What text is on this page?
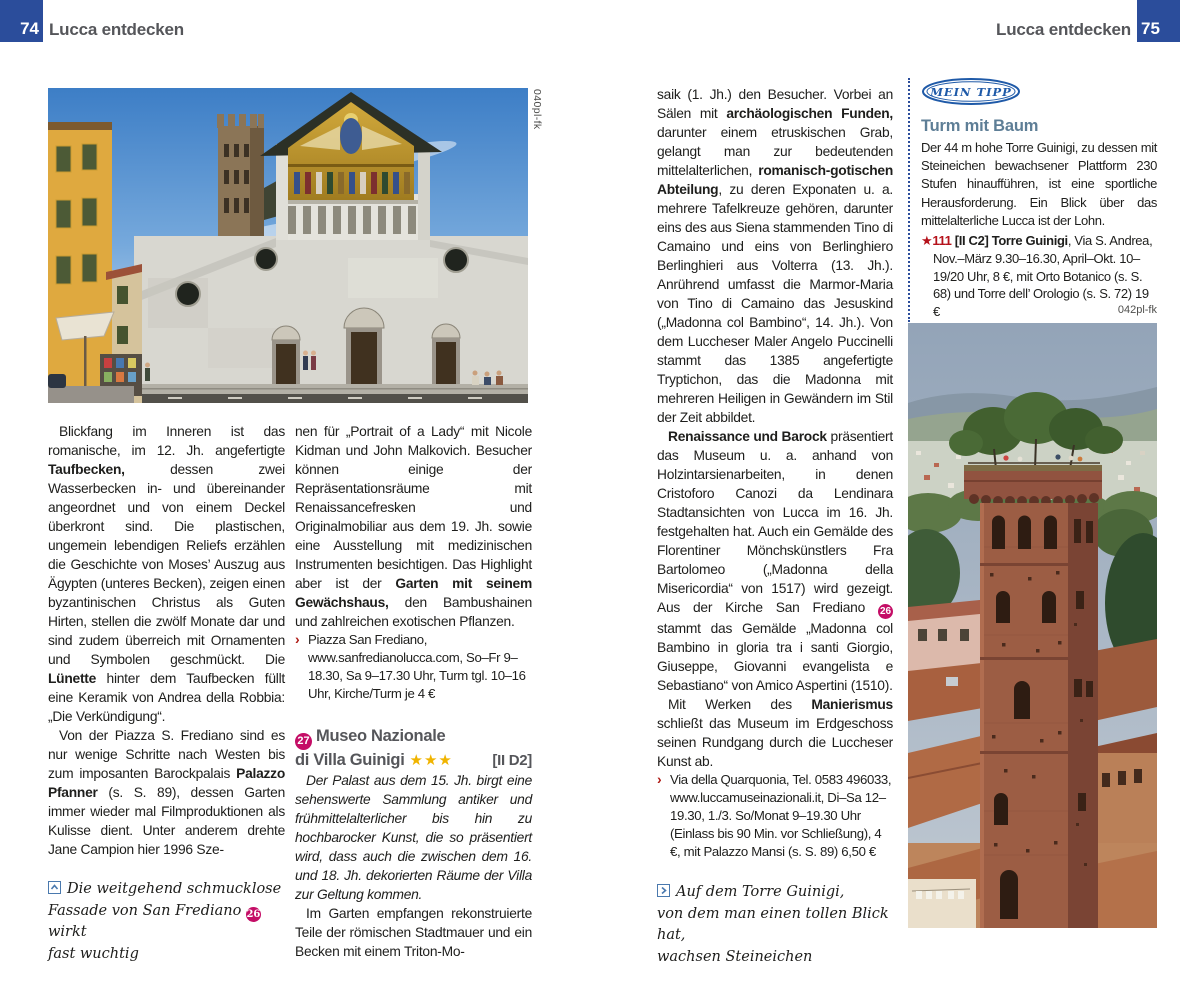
74 Lucca entdecken	Lucca entdecken 75
040pl-fk

Blickfang im Inneren ist das romanische, im 12. Jh. angefertigte Taufbecken, dessen zwei Wasserbecken in- und übereinander angeordnet und von einem Deckel überkront sind. Die plastischen, ungemein lebendigen Reliefs erzählen die Geschichte von Moses’ Auszug aus Ägypten (unteres Becken), zeigen einen byzantinischen Christus als Guten Hirten, stellen die zwölf Monate dar und sind zudem überreich mit Ornamenten und Symbolen geschmückt. Die Lünette hinter dem Taufbecken füllt eine Keramik von Andrea della Robbia: „Die Verkündigung“.

Von der Piazza S. Frediano sind es nur wenige Schritte nach Westen bis zum imposanten Barockpalais Palazzo Pfanner (s. S. 89), dessen Garten immer wieder mal Filmproduktionen als Kulisse dient. Unter anderem drehte Jane Campion hier 1996 Sze-

Die weitgehend schmucklose
Fassade von San Frediano 26 wirkt
fast wuchtig

nen für „Portrait of a Lady“ mit Nicole Kidman und John Malkovich. Besucher können einige der Repräsentationsräume mit Renaissancefresken und Originalmobiliar aus dem 19. Jh. sowie eine Ausstellung mit medizinischen Instrumenten besichtigen. Das Highlight aber ist der Garten mit seinem Gewächshaus, den Bambushainen und zahlreichen exotischen Pflanzen.

› Piazza San Frediano, www.sanfredianolucca.com, So–Fr 9–18.30, Sa 9–17.30 Uhr, Turm tgl. 10–16 Uhr, Kirche/Turm je 4 €

27 Museo Nazionale
di Villa Guinigi ★★★	[II D2]

Der Palast aus dem 15. Jh. birgt eine sehenswerte Sammlung antiker und frühmittelalterlicher bis hin zu hochbarocker Kunst, die so präsentiert wird, dass auch die zwischen dem 16. und 18. Jh. dekorierten Räume der Villa zur Geltung kommen.

Im Garten empfangen rekonstruierte Teile der römischen Stadtmauer und ein Becken mit einem Triton-Mo-

saik (1. Jh.) den Besucher. Vorbei an Sälen mit archäologischen Funden, darunter einem etruskischen Grab, gelangt man zur bedeutenden mittelalterlichen, romanisch-gotischen Abteilung, zu deren Exponaten u. a. mehrere Tafelkreuze gehören, darunter eins des aus Siena stammenden Tino di Camaino und eins von Berlinghiero Berlinghieri aus Volterra (13. Jh.). Anrührend umfasst die Marmor-Maria von Tino di Camaino das Jesuskind („Madonna col Bambino“, 14. Jh.). Von dem Luccheser Maler Angelo Puccinelli stammt das 1385 angefertigte Tryptichon, das die Madonna mit mehreren Heiligen in Gewändern im Stil der Zeit abbildet.

Renaissance und Barock präsentiert das Museum u. a. anhand von Holzintarsienarbeiten, in denen Cristoforo Canozi da Lendinara Stadtansichten von Lucca im 16. Jh. festgehalten hat. Auch ein Gemälde des Florentiner Mönchskünstlers Fra Bartolomeo („Madonna della Misericordia“ von 1517) wird gezeigt. Aus der Kirche San Frediano 26 stammt das Gemälde „Madonna col Bambino in gloria tra i santi Giorgio, Giuseppe, Giovanni evangelista e Sebastiano“ von Amico Aspertini (1510).

Mit Werken des Manierismus schließt das Museum im Erdgeschoss seinen Rundgang durch die Luccheser Kunst ab.

› Via della Quarquonia, Tel. 0583 496033, www.luccamuseinazionali.it, Di–Sa 12–19.30, 1./3. So/Monat 9–19.30 Uhr (Einlass bis 90 Min. vor Schließung), 4 €, mit Palazzo Mansi (s. S. 89) 6,50 €

Auf dem Torre Guinigi,
von dem man einen tollen Blick hat,
wachsen Steineichen
MEIN TIPP
Turm mit Baum
Der 44 m hohe Torre Guinigi, zu dessen mit Steineichen bewachsener Plattform 230 Stufen hinaufführen, ist eine sportliche Herausforderung. Ein Blick über das mittelalterliche Lucca ist der Lohn.
★111 [II C2] Torre Guinigi, Via S. Andrea, Nov.–März 9.30–16.30, April–Okt. 10–19/20 Uhr, 8 €, mit Orto Botanico (s. S. 68) und Torre dell’ Orologio (s. S. 72) 19 €	042pl-fk
